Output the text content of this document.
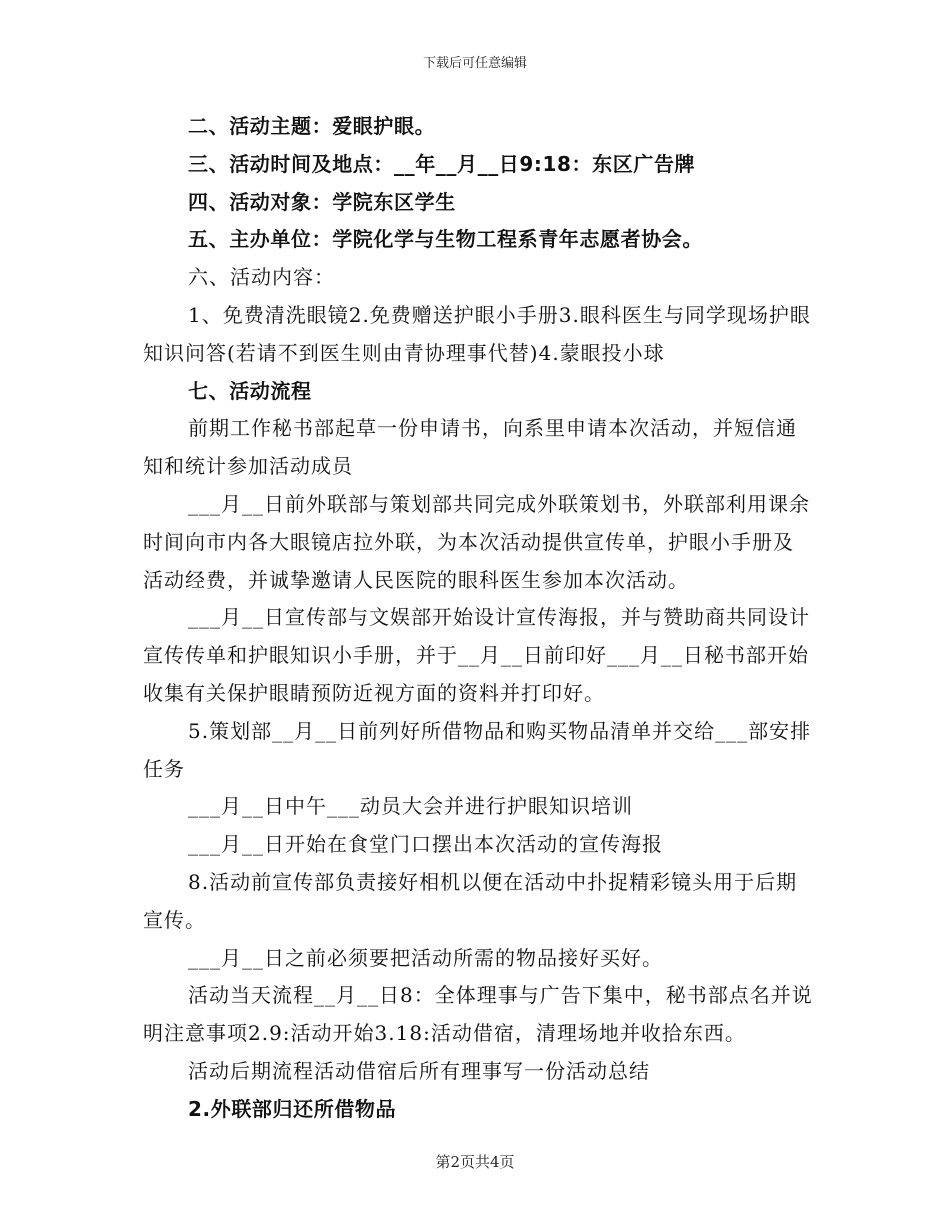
下载后可任意编辑

二、活动主题：爱眼护眼。

三、活动时间及地点：__年__月__日9:18：东区广告牌

四、活动对象：学院东区学生

五、主办单位：学院化学与生物工程系青年志愿者协会。

六、活动内容：

1、免费清洗眼镜2.免费赠送护眼小手册3.眼科医生与同学现场护眼知识问答(若请不到医生则由青协理事代替)4.蒙眼投小球

七、活动流程

前期工作秘书部起草一份申请书，向系里申请本次活动，并短信通知和统计参加活动成员

___月__日前外联部与策划部共同完成外联策划书，外联部利用课余时间向市内各大眼镜店拉外联，为本次活动提供宣传单，护眼小手册及活动经费，并诚挚邀请人民医院的眼科医生参加本次活动。

___月__日宣传部与文娱部开始设计宣传海报，并与赞助商共同设计宣传传单和护眼知识小手册，并于__月__日前印好___月__日秘书部开始收集有关保护眼睛预防近视方面的资料并打印好。

5.策划部__月__日前列好所借物品和购买物品清单并交给___部安排任务

___月__日中午___动员大会并进行护眼知识培训

___月__日开始在食堂门口摆出本次活动的宣传海报

8.活动前宣传部负责接好相机以便在活动中扑捉精彩镜头用于后期宣传。

___月__日之前必须要把活动所需的物品接好买好。

活动当天流程__月__日8：全体理事与广告下集中，秘书部点名并说明注意事项2.9:活动开始3.18:活动借宿，清理场地并收拾东西。

活动后期流程活动借宿后所有理事写一份活动总结

2.外联部归还所借物品

第2页共4页
